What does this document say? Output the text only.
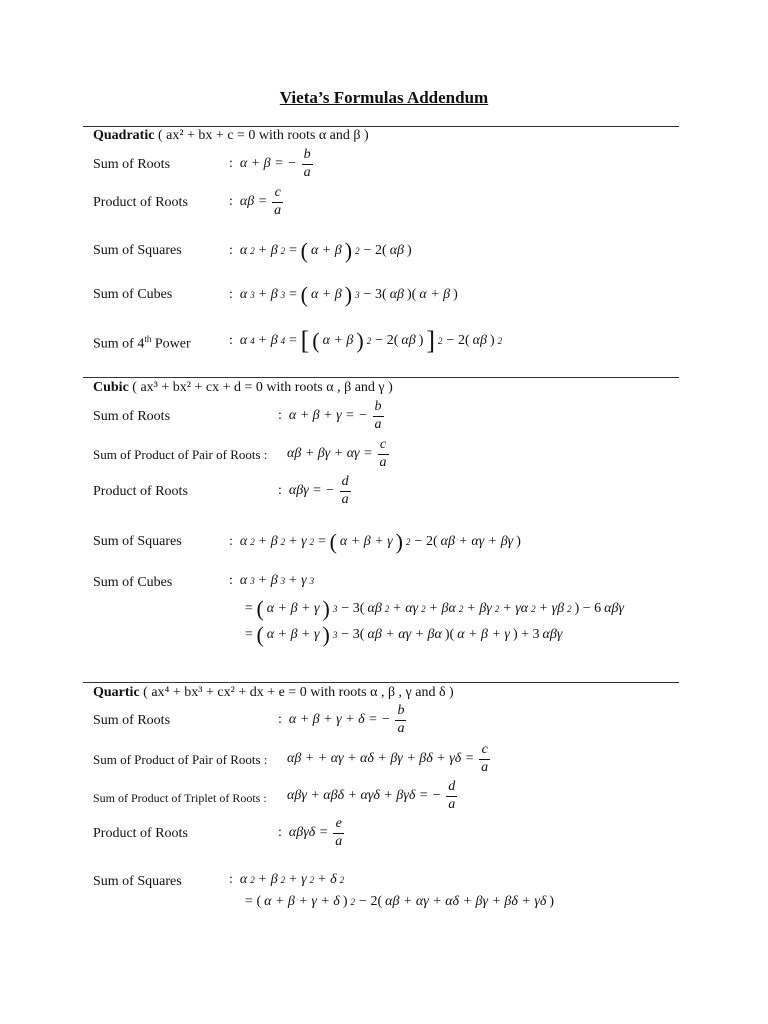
Vieta’s Formulas Addendum
Quadratic ( ax² + bx + c = 0 with roots α and β )
Sum of Roots	: α + β = − $\frac{b}{a}$
Product of Roots	: $\alpha\beta = \frac{c}{a}$
Sum of Squares	: α 2 + β 2 = ( α + β ) 2 − 2( αβ )
Sum of Cubes	: α 3 + β 3 = ( α + β ) 3 − 3( αβ )( α + β )
Sum of 4th Power	: α 4 + β 4 = [ ( α + β ) 2 − 2( αβ ) ] 2 − 2( αβ ) 2
Cubic ( ax³ + bx² + cx + d = 0 with roots α , β and γ )
Sum of Roots	: α + β + γ = − $\frac{b}{a}$
Sum of Product of Pair of Roots : $\alpha\beta + \beta\gamma + \alpha\gamma = \frac{c}{a}$
Product of Roots	: αβγ = − $\frac{d}{a}$
Sum of Squares	: α 2 + β 2 + γ 2 = ( α + β + γ ) 2 − 2( αβ + αγ + βγ )
Sum of Cubes	: α 3 + β 3 + γ 3
= ( α + β + γ ) 3 − 3( αβ 2 + αγ 2 + βα 2 + βγ 2 + γα 2 + γβ 2 ) − 6 αβγ
= ( α + β + γ ) 3 − 3( αβ + αγ + βα )( α + β + γ ) + 3 αβγ
Quartic ( ax⁴ + bx³ + cx² + dx + e = 0 with roots α , β , γ and δ )
Sum of Roots	: α + β + γ + δ = − $\frac{b}{a}$
Sum of Product of Pair of Roots : αβ + + $\alpha\gamma + \alpha\delta + \beta\gamma + \beta\delta + \gamma\delta = \frac{c}{a}$
Sum of Product of Triplet of Roots : αβγ + αβδ + αγδ + βγδ = − $\frac{d}{a}$
Product of Roots	: $\alpha\beta\gamma\delta = \frac{e}{a}$
Sum of Squares	: α 2 + β 2 + γ 2 + δ 2
= ( α + β + γ + δ ) 2 − 2( αβ + αγ + αδ + βγ + βδ + γδ )
